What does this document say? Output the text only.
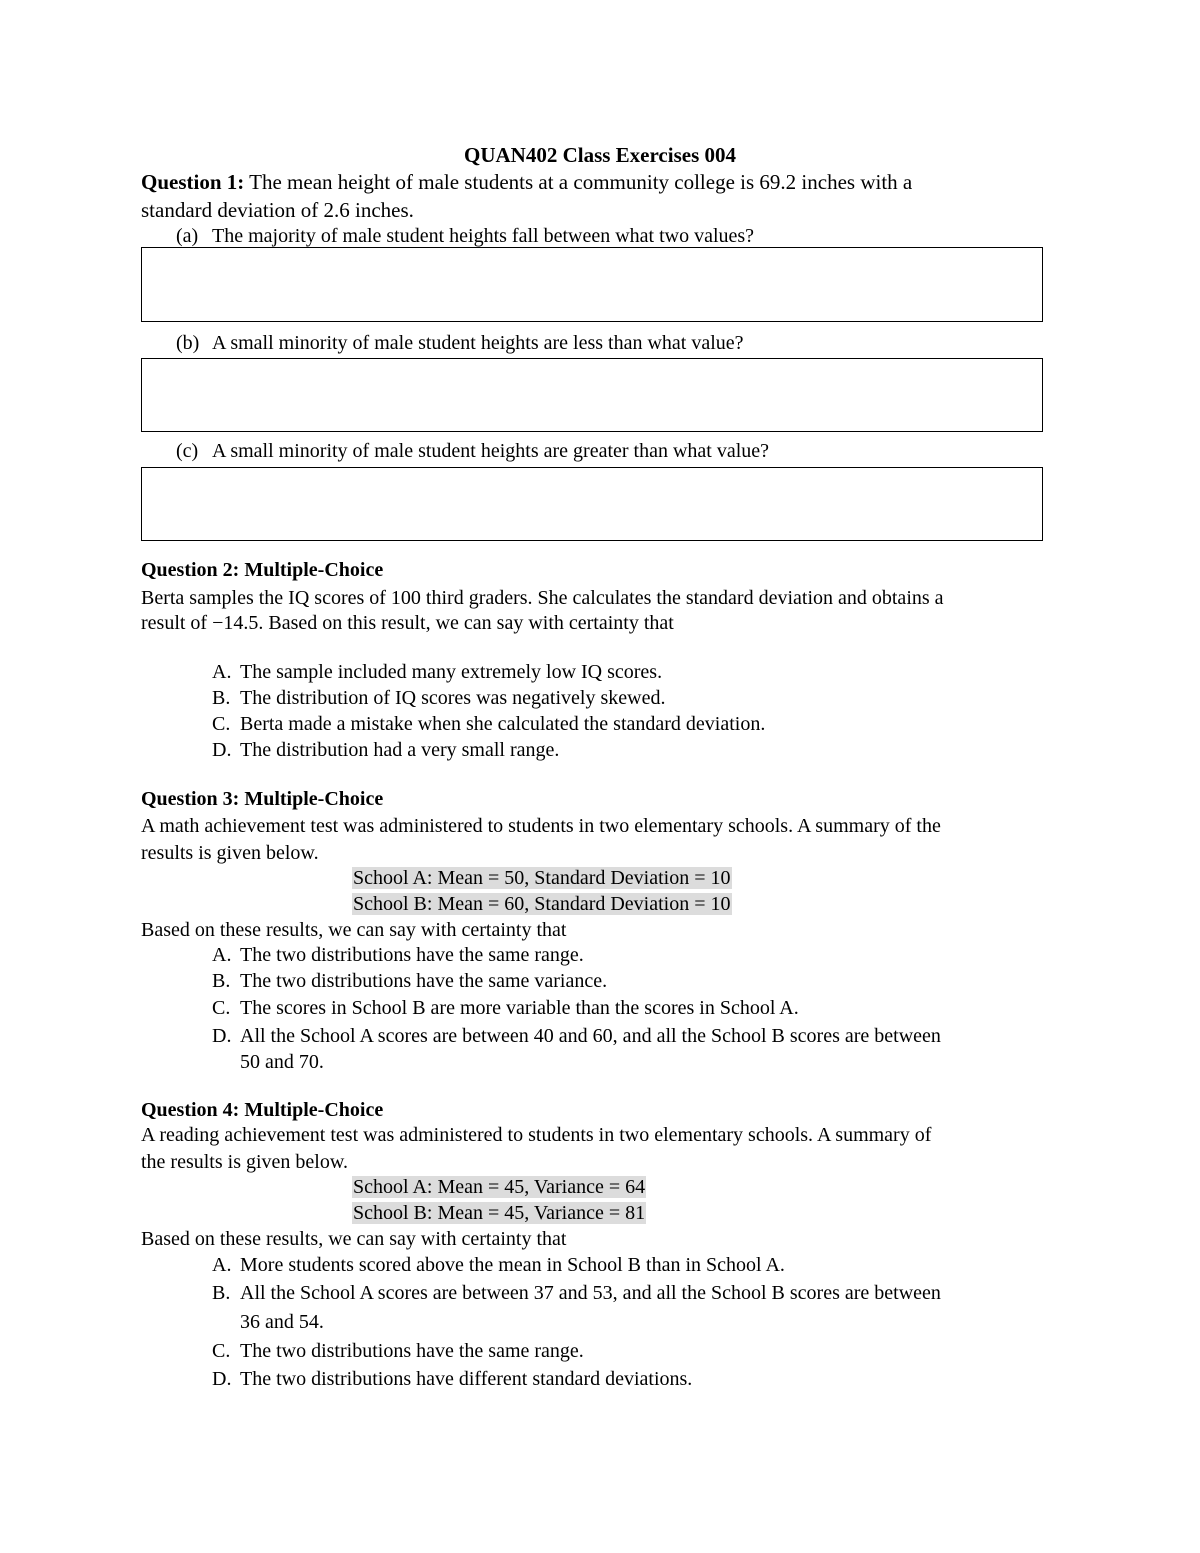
QUAN402 Class Exercises 004
Question 1: The mean height of male students at a community college is 69.2 inches with a
standard deviation of 2.6 inches.
(a) The majority of male student heights fall between what two values?
(b) A small minority of male student heights are less than what value?
(c) A small minority of male student heights are greater than what value?
Question 2: Multiple-Choice
Berta samples the IQ scores of 100 third graders. She calculates the standard deviation and obtains a
result of −14.5. Based on this result, we can say with certainty that
A. The sample included many extremely low IQ scores.
B. The distribution of IQ scores was negatively skewed.
C. Berta made a mistake when she calculated the standard deviation.
D. The distribution had a very small range.
Question 3: Multiple-Choice
A math achievement test was administered to students in two elementary schools. A summary of the
results is given below.
School A: Mean = 50, Standard Deviation = 10
School B: Mean = 60, Standard Deviation = 10
Based on these results, we can say with certainty that
A. The two distributions have the same range.
B. The two distributions have the same variance.
C. The scores in School B are more variable than the scores in School A.
D. All the School A scores are between 40 and 60, and all the School B scores are between
50 and 70.
Question 4: Multiple-Choice
A reading achievement test was administered to students in two elementary schools. A summary of
the results is given below.
School A: Mean = 45, Variance = 64
School B: Mean = 45, Variance = 81
Based on these results, we can say with certainty that
A. More students scored above the mean in School B than in School A.
B. All the School A scores are between 37 and 53, and all the School B scores are between
36 and 54.
C. The two distributions have the same range.
D. The two distributions have different standard deviations.
